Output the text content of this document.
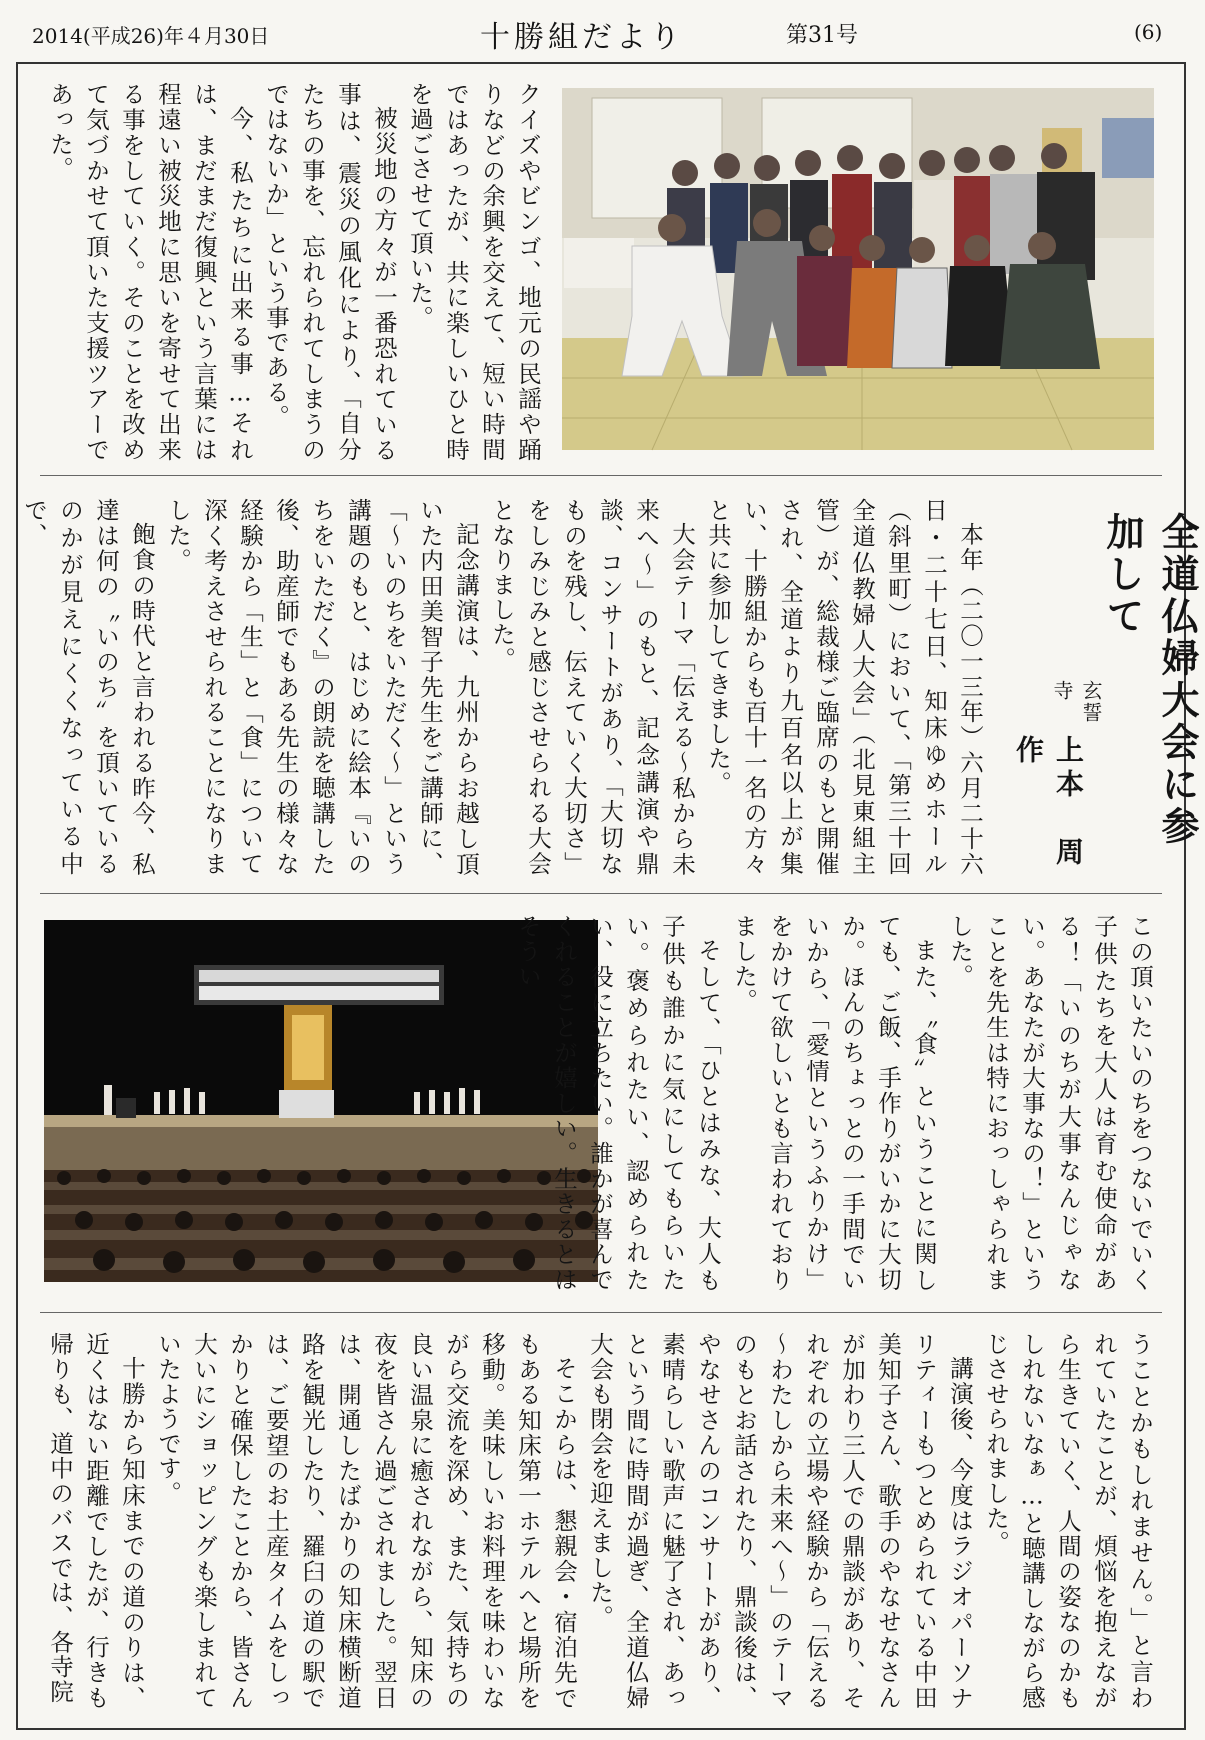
2014(平成26)年４月30日	十勝組だより	第31号	(6)
全道仏婦大会に参加して
玄誓寺
上本　周作

本年（二〇一三年）六月二十六日・二十七日、知床ゆめホール（斜里町）において、「第三十回　全道仏教婦人大会」（北見東組主管）が、総裁様ご臨席のもと開催され、全道より九百名以上が集い、十勝組からも百十一名の方々と共に参加してきました。

大会テーマ「伝える～私から未来へ～」のもと、記念講演や鼎談、コンサートがあり、「大切なものを残し、伝えていく大切さ」をしみじみと感じさせられる大会となりました。

記念講演は、九州からお越し頂いた内田美智子先生をご講師に、「～いのちをいただく～」という講題のもと、はじめに絵本『いのちをいただく』の朗読を聴講した後、助産師でもある先生の様々な経験から「生」と「食」について深く考えさせられることになりました。

飽食の時代と言われる昨今、私達は何の〝いのち〟を頂いているのかが見えにくくなっている中で、

この頂いたいのちをつないでいく子供たちを大人は育む使命がある！「いのちが大事なんじゃない。あなたが大事なの！」ということを先生は特におっしゃられました。

また、〝食〟ということに関しても、ご飯、手作りがいかに大切か。ほんのちょっとの一手間でいいから、「愛情というふりかけ」をかけて欲しいとも言われておりました。

そして、「ひとはみな、大人も子供も誰かに気にしてもらいたい。褒められたい、認められたい、役に立ちたい。誰かが喜んでくれることが嬉しい。生きるとはそうい

うことかもしれません。」と言われていたことが、煩悩を抱えながら生きていく、人間の姿なのかもしれないなぁ…と聴講しながら感じさせられました。

講演後、今度はラジオパーソナリティーもつとめられている中田美知子さん、歌手のやなせなさんが加わり三人での鼎談があり、それぞれの立場や経験から「伝える～わたしから未来へ～」のテーマのもとお話されたり、鼎談後は、やなせさんのコンサートがあり、素晴らしい歌声に魅了され、あっという間に時間が過ぎ、全道仏婦大会も閉会を迎えました。

そこからは、懇親会・宿泊先でもある知床第一ホテルへと場所を移動。美味しいお料理を味わいながら交流を深め、また、気持ちの良い温泉に癒されながら、知床の夜を皆さん過ごされました。翌日は、開通したばかりの知床横断道路を観光したり、羅臼の道の駅では、ご要望のお土産タイムをしっかりと確保したことから、皆さん大いにショッピングも楽しまれていたようです。

十勝から知床までの道のりは、近くはない距離でしたが、行きも帰りも、道中のバスでは、各寺院

クイズやビンゴ、地元の民謡や踊りなどの余興を交えて、短い時間ではあったが、共に楽しいひと時を過ごさせて頂いた。

被災地の方々が一番恐れている事は、震災の風化により、「自分たちの事を、忘れられてしまうのではないか」という事である。

今、私たちに出来る事…それは、まだまだ復興という言葉には程遠い被災地に思いを寄せて出来る事をしていく。そのことを改めて気づかせて頂いた支援ツアーであった。
